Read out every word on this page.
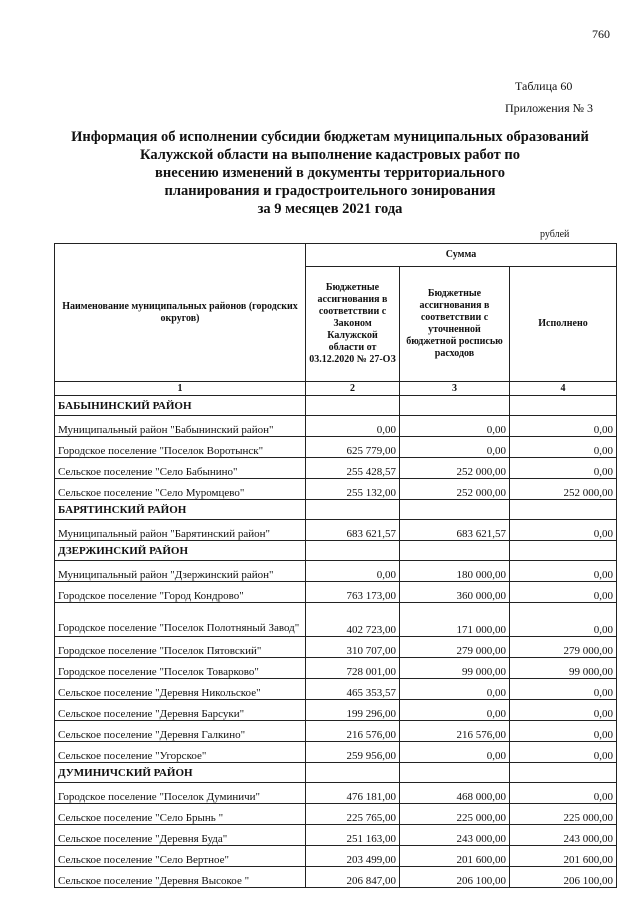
760
Таблица 60
Приложения № 3
Информация об исполнении субсидии бюджетам муниципальных образований
Калужской области на выполнение кадастровых работ по
внесению изменений в документы территориального
планирования и градостроительного зонирования
за 9 месяцев 2021 года
рублей
Наименование муниципальных районов (городских округов)	Сумма		
	Бюджетные ассигнования в соответствии с Законом Калужской области от 03.12.2020 № 27-ОЗ	Бюджетные ассигнования в соответствии с уточненной бюджетной росписью расходов	Исполнено
1	2	3	4
БАБЫНИНСКИЙ РАЙОН			
Муниципальный район "Бабынинский район"	0,00	0,00	0,00
Городское поселение "Поселок Воротынск"	625 779,00	0,00	0,00
Сельское поселение "Село Бабынино"	255 428,57	252 000,00	0,00
Сельское поселение "Село Муромцево"	255 132,00	252 000,00	252 000,00
БАРЯТИНСКИЙ РАЙОН			
Муниципальный район "Барятинский район"	683 621,57	683 621,57	0,00
ДЗЕРЖИНСКИЙ РАЙОН			
Муниципальный район "Дзержинский район"	0,00	180 000,00	0,00
Городское поселение "Город Кондрово"	763 173,00	360 000,00	0,00
Городское поселение "Поселок Полотняный Завод"	402 723,00	171 000,00	0,00
Городское поселение "Поселок Пятовский"	310 707,00	279 000,00	279 000,00
Городское поселение "Поселок Товарково"	728 001,00	99 000,00	99 000,00
Сельское поселение "Деревня Никольское"	465 353,57	0,00	0,00
Сельское поселение "Деревня Барсуки"	199 296,00	0,00	0,00
Сельское поселение "Деревня Галкино"	216 576,00	216 576,00	0,00
Сельское поселение "Угорское"	259 956,00	0,00	0,00
ДУМИНИЧСКИЙ РАЙОН			
Городское поселение "Поселок Думиничи"	476 181,00	468 000,00	0,00
Сельское поселение "Село Брынь "	225 765,00	225 000,00	225 000,00
Сельское поселение "Деревня Буда"	251 163,00	243 000,00	243 000,00
Сельское поселение "Село Вертное"	203 499,00	201 600,00	201 600,00
Сельское поселение "Деревня Высокое "	206 847,00	206 100,00	206 100,00
